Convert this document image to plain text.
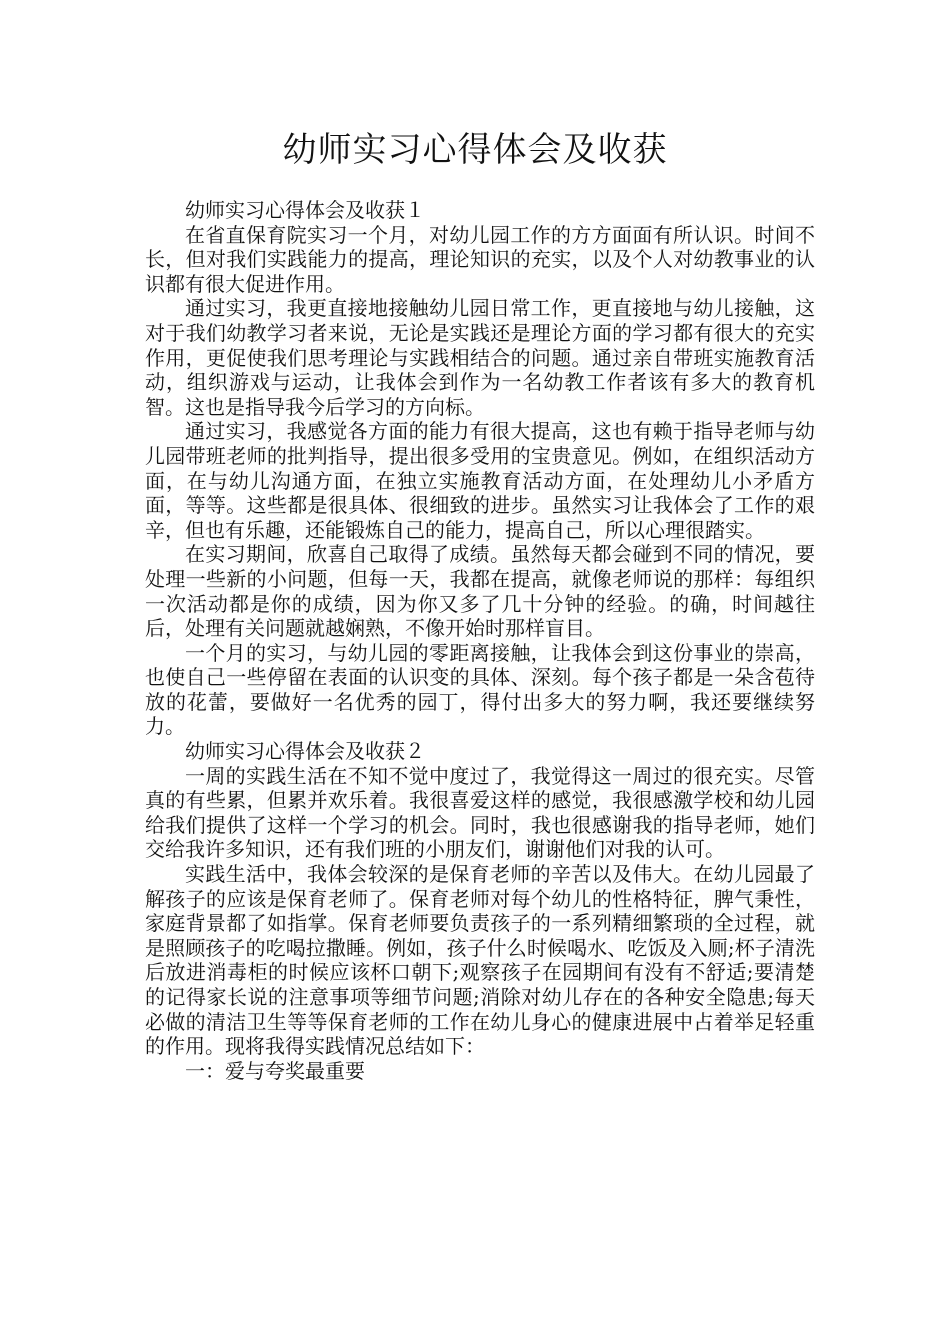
幼师实习心得体会及收获

幼师实习心得体会及收获１

在省直保育院实习一个月，对幼儿园工作的方方面面有所认识。时间不长，但对我们实践能力的提高，理论知识的充实，以及个人对幼教事业的认识都有很大促进作用。

通过实习，我更直接地接触幼儿园日常工作，更直接地与幼儿接触，这对于我们幼教学习者来说，无论是实践还是理论方面的学习都有很大的充实作用，更促使我们思考理论与实践相结合的问题。通过亲自带班实施教育活动，组织游戏与运动，让我体会到作为一名幼教工作者该有多大的教育机智。这也是指导我今后学习的方向标。

通过实习，我感觉各方面的能力有很大提高，这也有赖于指导老师与幼儿园带班老师的批判指导，提出很多受用的宝贵意见。例如，在组织活动方面，在与幼儿沟通方面，在独立实施教育活动方面，在处理幼儿小矛盾方面，等等。这些都是很具体、很细致的进步。虽然实习让我体会了工作的艰辛，但也有乐趣，还能锻炼自己的能力，提高自己，所以心理很踏实。

在实习期间，欣喜自己取得了成绩。虽然每天都会碰到不同的情况，要处理一些新的小问题，但每一天，我都在提高，就像老师说的那样：每组织一次活动都是你的成绩，因为你又多了几十分钟的经验。的确，时间越往后，处理有关问题就越娴熟，不像开始时那样盲目。

一个月的实习，与幼儿园的零距离接触，让我体会到这份事业的崇高，也使自己一些停留在表面的认识变的具体、深刻。每个孩子都是一朵含苞待放的花蕾，要做好一名优秀的园丁，得付出多大的努力啊，我还要继续努力。

幼师实习心得体会及收获２

一周的实践生活在不知不觉中度过了，我觉得这一周过的很充实。尽管真的有些累，但累并欢乐着。我很喜爱这样的感觉，我很感激学校和幼儿园给我们提供了这样一个学习的机会。同时，我也很感谢我的指导老师，她们交给我许多知识，还有我们班的小朋友们，谢谢他们对我的认可。

实践生活中，我体会较深的是保育老师的辛苦以及伟大。在幼儿园最了解孩子的应该是保育老师了。保育老师对每个幼儿的性格特征，脾气秉性，家庭背景都了如指掌。保育老师要负责孩子的一系列精细繁琐的全过程，就是照顾孩子的吃喝拉撒睡。例如，孩子什么时候喝水、吃饭及入厕;杯子清洗后放进消毒柜的时候应该杯口朝下;观察孩子在园期间有没有不舒适;要清楚的记得家长说的注意事项等细节问题;消除对幼儿存在的各种安全隐患;每天必做的清洁卫生等等保育老师的工作在幼儿身心的健康进展中占着举足轻重的作用。现将我得实践情况总结如下：

一：爱与夸奖最重要
